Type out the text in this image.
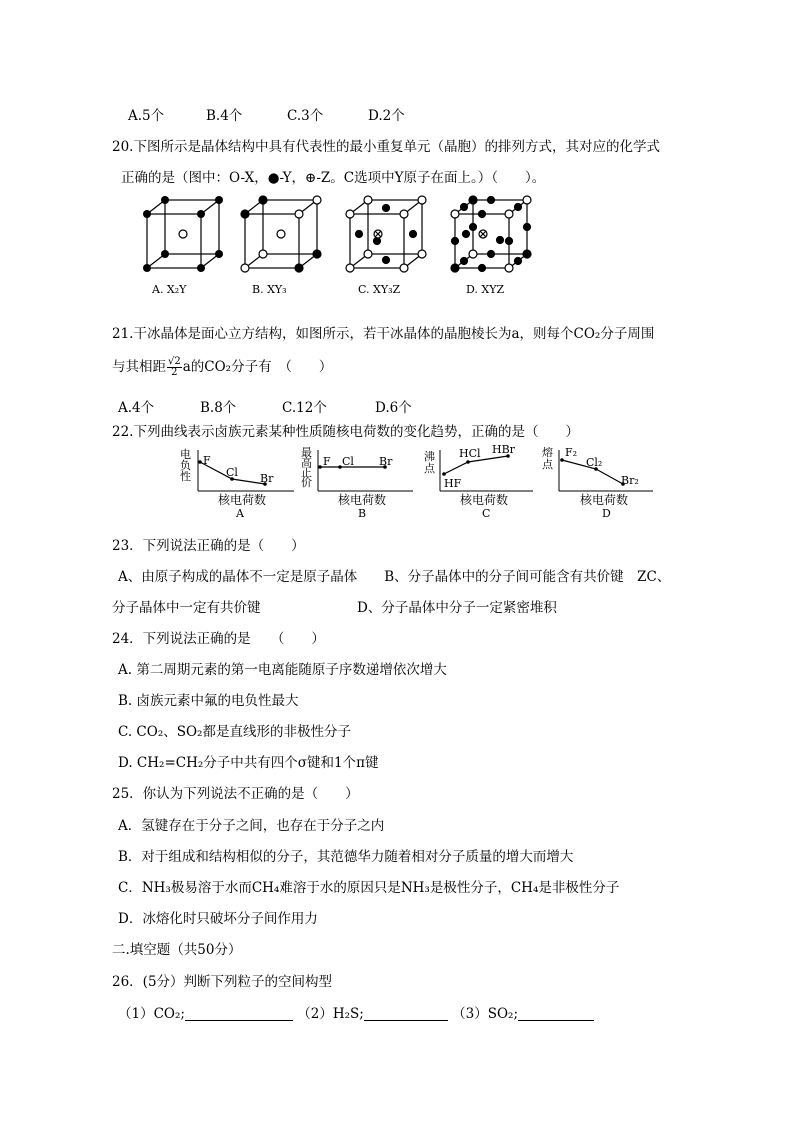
A.5个	B.4个	C.3个	D.2个
20.下图所示是晶体结构中具有代表性的最小重复单元（晶胞）的排列方式，其对应的化学式
正确的是（图中：O-X，●-Y，⊕-Z。C选项中Y原子在面上。）（　　）。
A. X₂Y	B. XY₃	C. XY₃Z	D. XYZ
21.干冰晶体是面心立方结构，如图所示，若干冰晶体的晶胞棱长为a，则每个CO₂分子周围
与其相距 $\frac{√2}{2}$ a的CO₂分子有　（　　）
A.4个	B.8个	C.12个	D.6个
22.下列曲线表示卤族元素某种性质随核电荷数的变化趋势，正确的是（　　）
电
负
性
F
Cl Br
核电荷数
A
最
高
正
价
F Cl Br
核电荷数
B
沸
点
HF
HCl HBr
核电荷数
C
熔
点
F₂
Cl₂
Br₂
核电荷数
D
23．下列说法正确的是（　　）
A、由原子构成的晶体不一定是原子晶体　　B、分子晶体中的分子间可能含有共价键　ZC、
分子晶体中一定有共价键	D、分子晶体中分子一定紧密堆积
24．下列说法正确的是　　（　　）
A. 第二周期元素的第一电离能随原子序数递增依次增大
B. 卤族元素中氟的电负性最大
C. CO₂、SO₂都是直线形的非极性分子
D. CH₂=CH₂分子中共有四个σ键和1个π键
25．你认为下列说法不正确的是（　　）
A．氢键存在于分子之间，也存在于分子之内
B．对于组成和结构相似的分子，其范德华力随着相对分子质量的增大而增大
C．NH₃极易溶于水而CH₄难溶于水的原因只是NH₃是极性分子，CH₄是非极性分子
D．冰熔化时只破坏分子间作用力
二.填空题（共50分）
26．(5分）判断下列粒子的空间构型
（1）CO₂;	（2）H₂S;	（3）SO₂;
